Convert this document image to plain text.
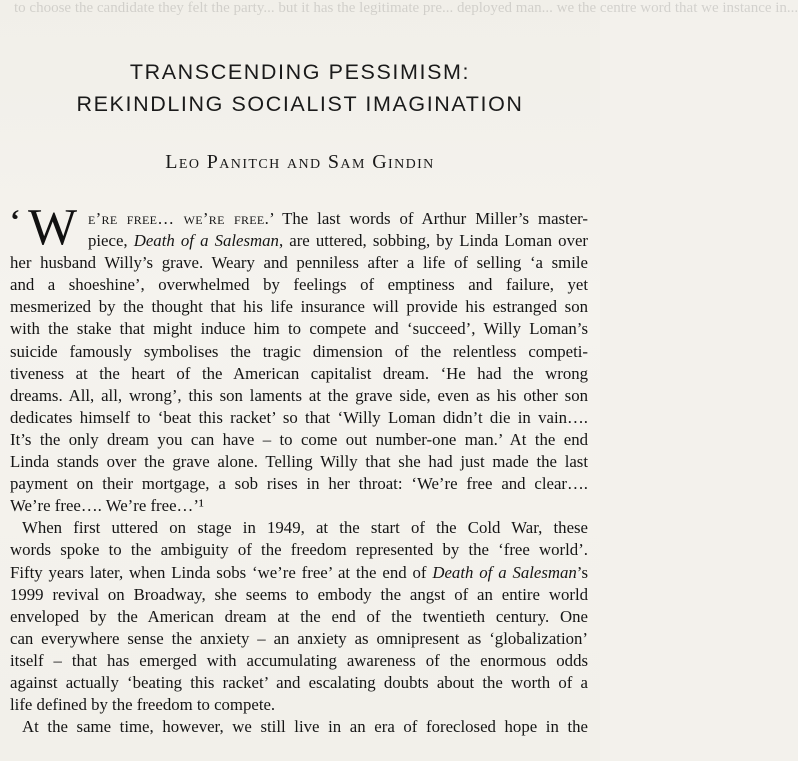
to choose the candidate they felt the party... but it has the legitimate pre... deployed man... we the centre word that we instance in...
TRANSCENDING PESSIMISM:
REKINDLING SOCIALIST IMAGINATION
Leo Panitch and Sam Gindin
‘ W e’re free… we’re free.’ The last words of Arthur Miller’s master-
piece, Death of a Salesman, are uttered, sobbing, by Linda Loman over
her husband Willy’s grave. Weary and penniless after a life of selling ‘a smile
and a shoeshine’, overwhelmed by feelings of emptiness and failure, yet
mesmerized by the thought that his life insurance will provide his estranged son
with the stake that might induce him to compete and ‘succeed’, Willy Loman’s
suicide famously symbolises the tragic dimension of the relentless competi-
tiveness at the heart of the American capitalist dream. ‘He had the wrong
dreams. All, all, wrong’, this son laments at the grave side, even as his other son
dedicates himself to ‘beat this racket’ so that ‘Willy Loman didn’t die in vain….
It’s the only dream you can have – to come out number-one man.’ At the end
Linda stands over the grave alone. Telling Willy that she had just made the last
payment on their mortgage, a sob rises in her throat: ‘We’re free and clear….
We’re free…. We’re free…’¹
When first uttered on stage in 1949, at the start of the Cold War, these
words spoke to the ambiguity of the freedom represented by the ‘free world’.
Fifty years later, when Linda sobs ‘we’re free’ at the end of Death of a Salesman’s
1999 revival on Broadway, she seems to embody the angst of an entire world
enveloped by the American dream at the end of the twentieth century. One
can everywhere sense the anxiety – an anxiety as omnipresent as ‘globalization’
itself – that has emerged with accumulating awareness of the enormous odds
against actually ‘beating this racket’ and escalating doubts about the worth of a
life defined by the freedom to compete.
At the same time, however, we still live in an era of foreclosed hope in the
